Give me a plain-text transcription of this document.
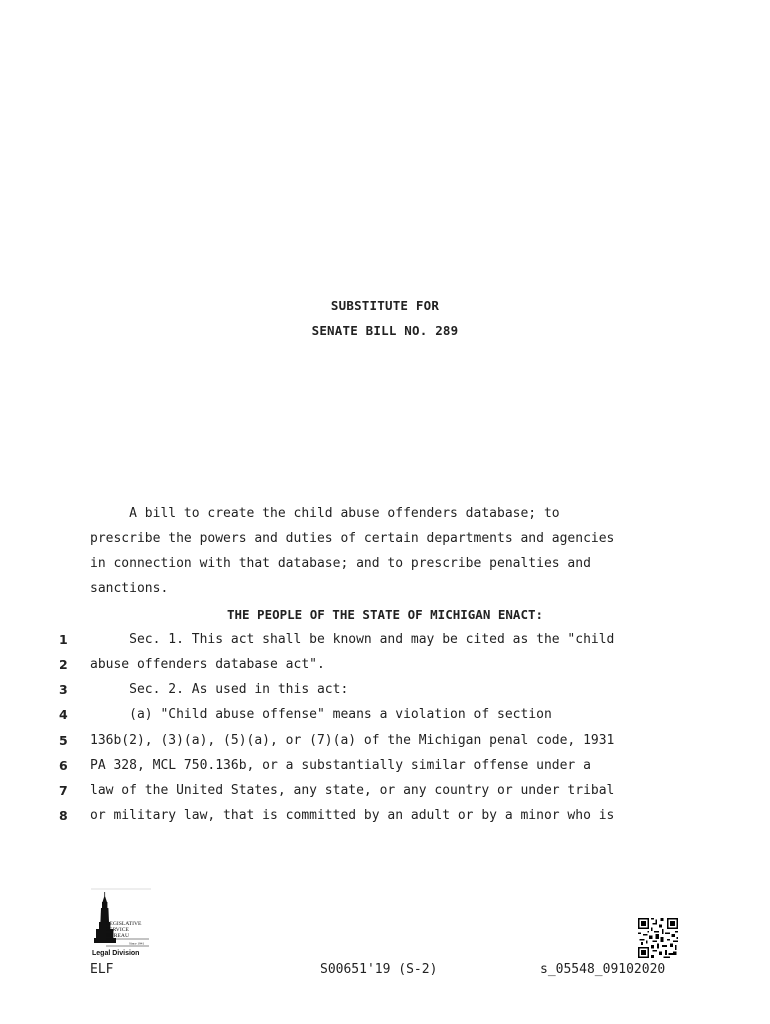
SUBSTITUTE FOR
SENATE BILL NO. 289
A bill to create the child abuse offenders database; to
prescribe the powers and duties of certain departments and agencies
in connection with that database; and to prescribe penalties and
sanctions.
THE PEOPLE OF THE STATE OF MICHIGAN ENACT:
1 Sec. 1. This act shall be known and may be cited as the "child
2 abuse offenders database act".
3 Sec. 2. As used in this act:
4 (a) "Child abuse offense" means a violation of section
5 136b(2), (3)(a), (5)(a), or (7)(a) of the Michigan penal code, 1931
6 PA 328, MCL 750.136b, or a substantially similar offense under a
7 law of the United States, any state, or any country or under tribal
8 or military law, that is committed by an adult or by a minor who is
LEGISLATIVE
SERVICE
BUREAU
Since 1941
Legal Division
ELF	S00651'19 (S-2)	s_05548_09102020
